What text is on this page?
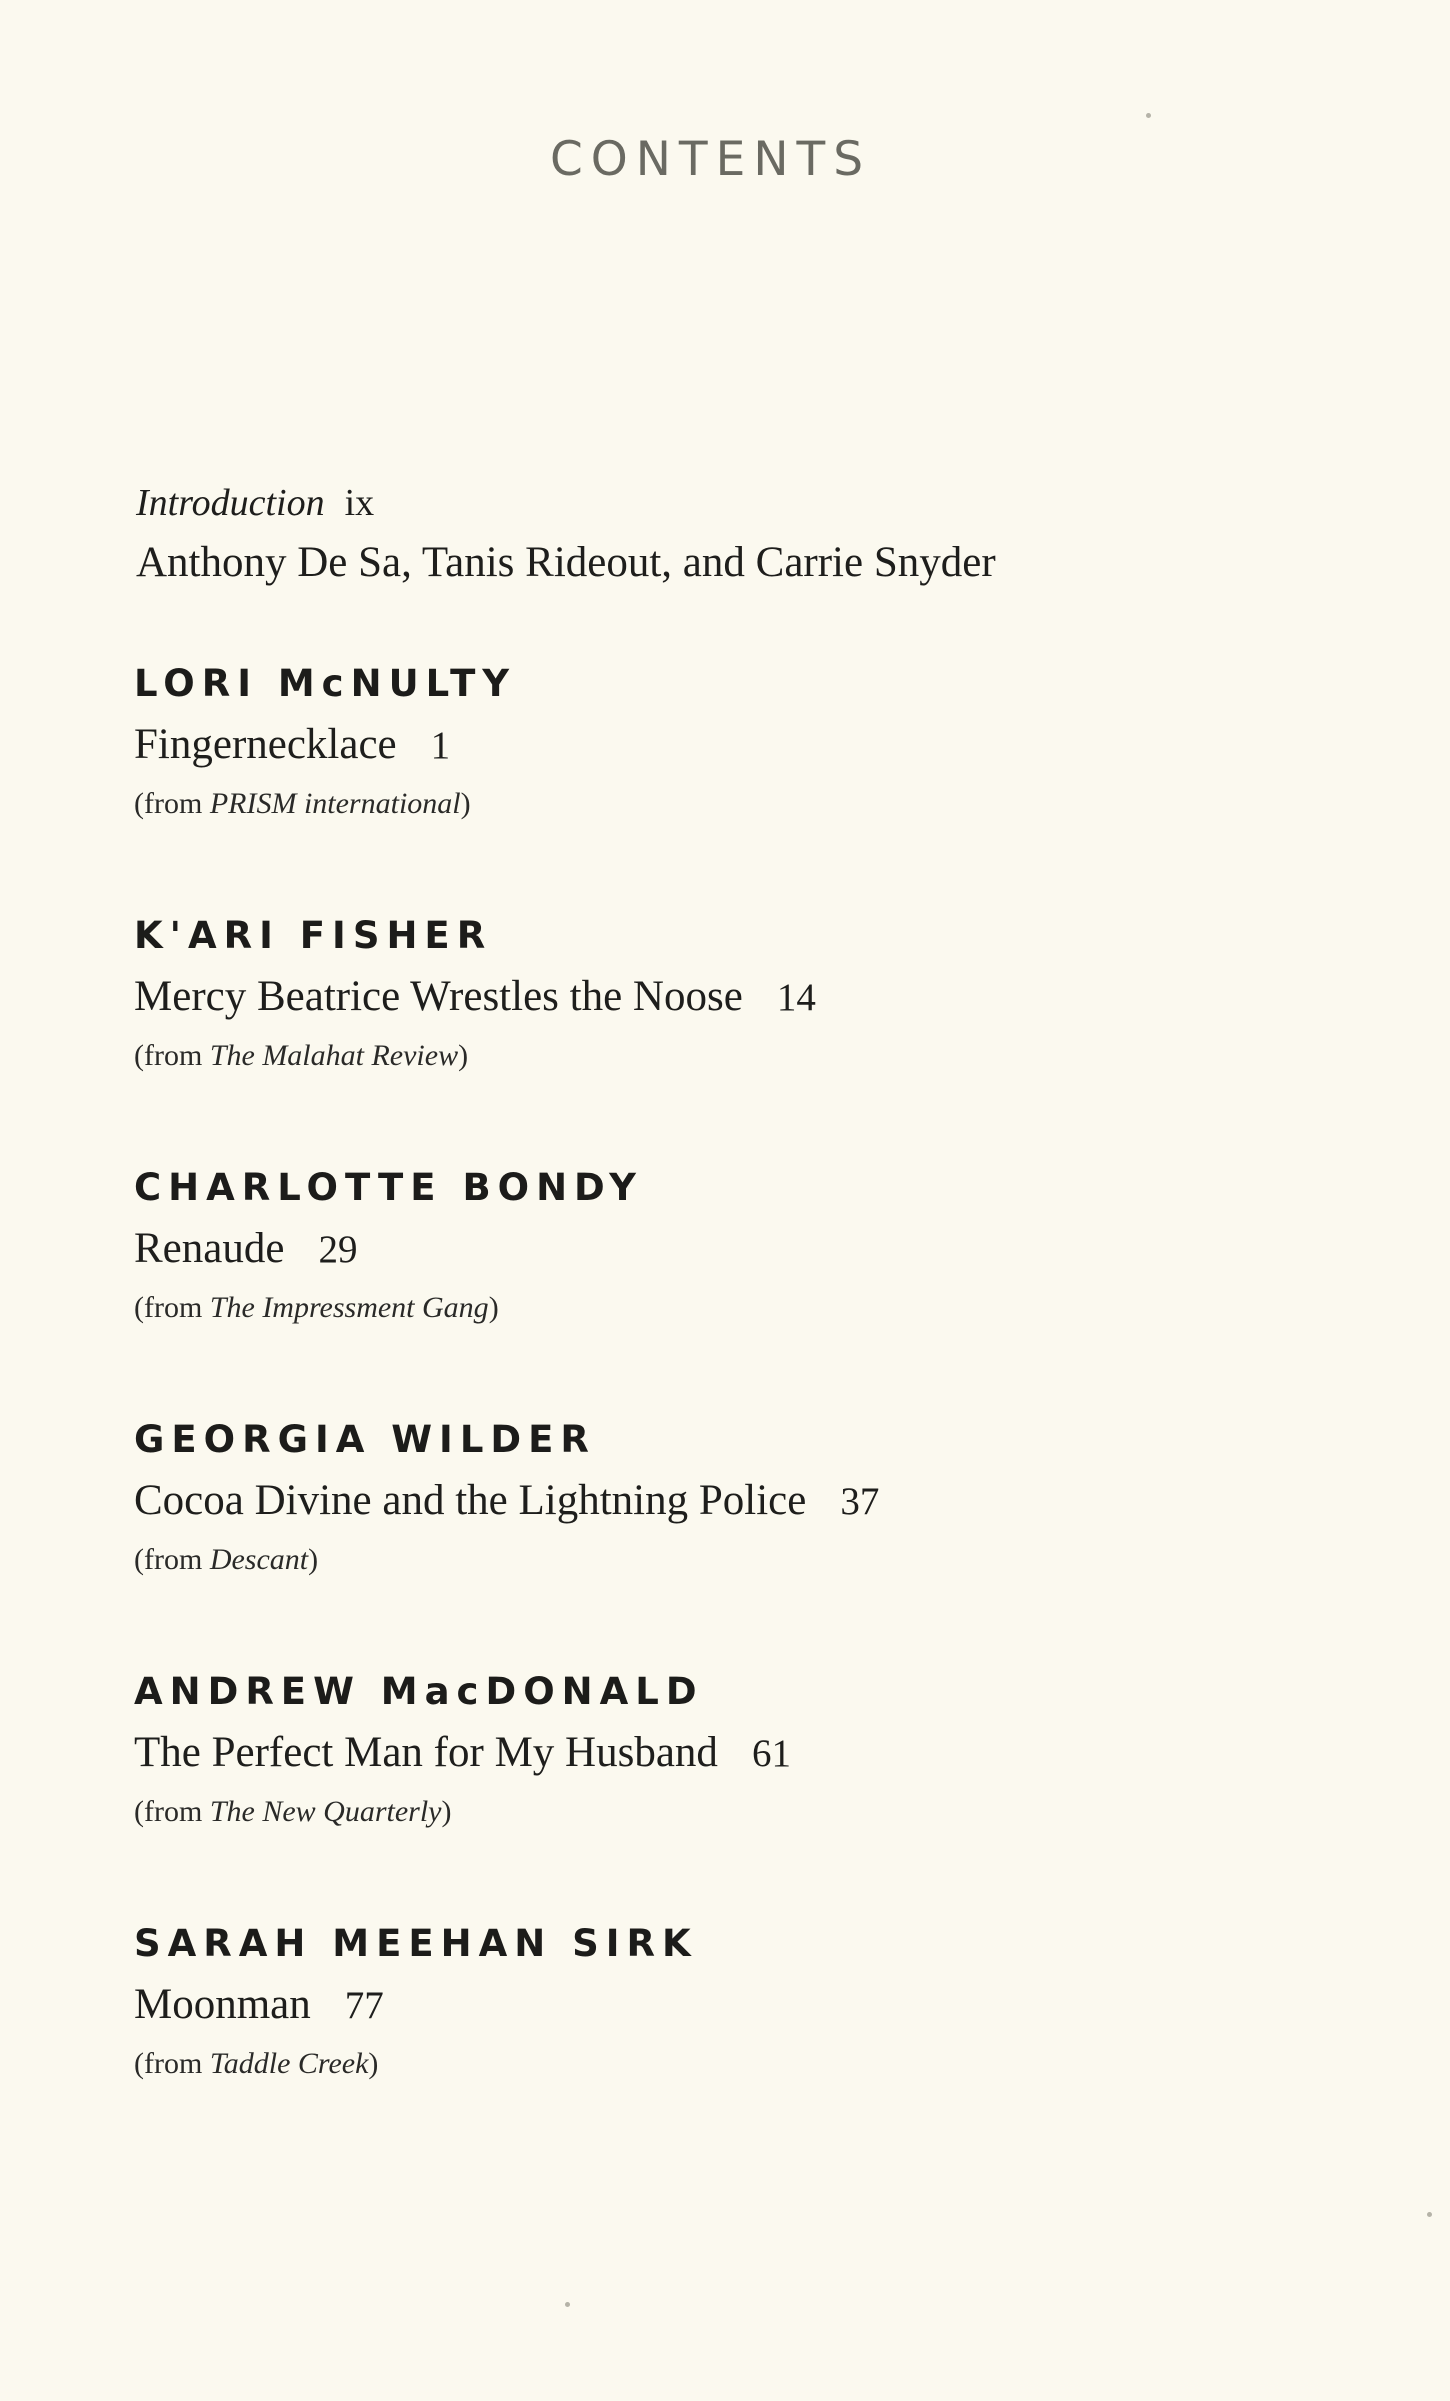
CONTENTS
Introduction ix
Anthony De Sa, Tanis Rideout, and Carrie Snyder
LORI McNULTY
Fingernecklace 1
(from PRISM international)
K'ARI FISHER
Mercy Beatrice Wrestles the Noose 14
(from The Malahat Review)
CHARLOTTE BONDY
Renaude 29
(from The Impressment Gang)
GEORGIA WILDER
Cocoa Divine and the Lightning Police 37
(from Descant)
ANDREW MacDONALD
The Perfect Man for My Husband 61
(from The New Quarterly)
SARAH MEEHAN SIRK
Moonman 77
(from Taddle Creek)
